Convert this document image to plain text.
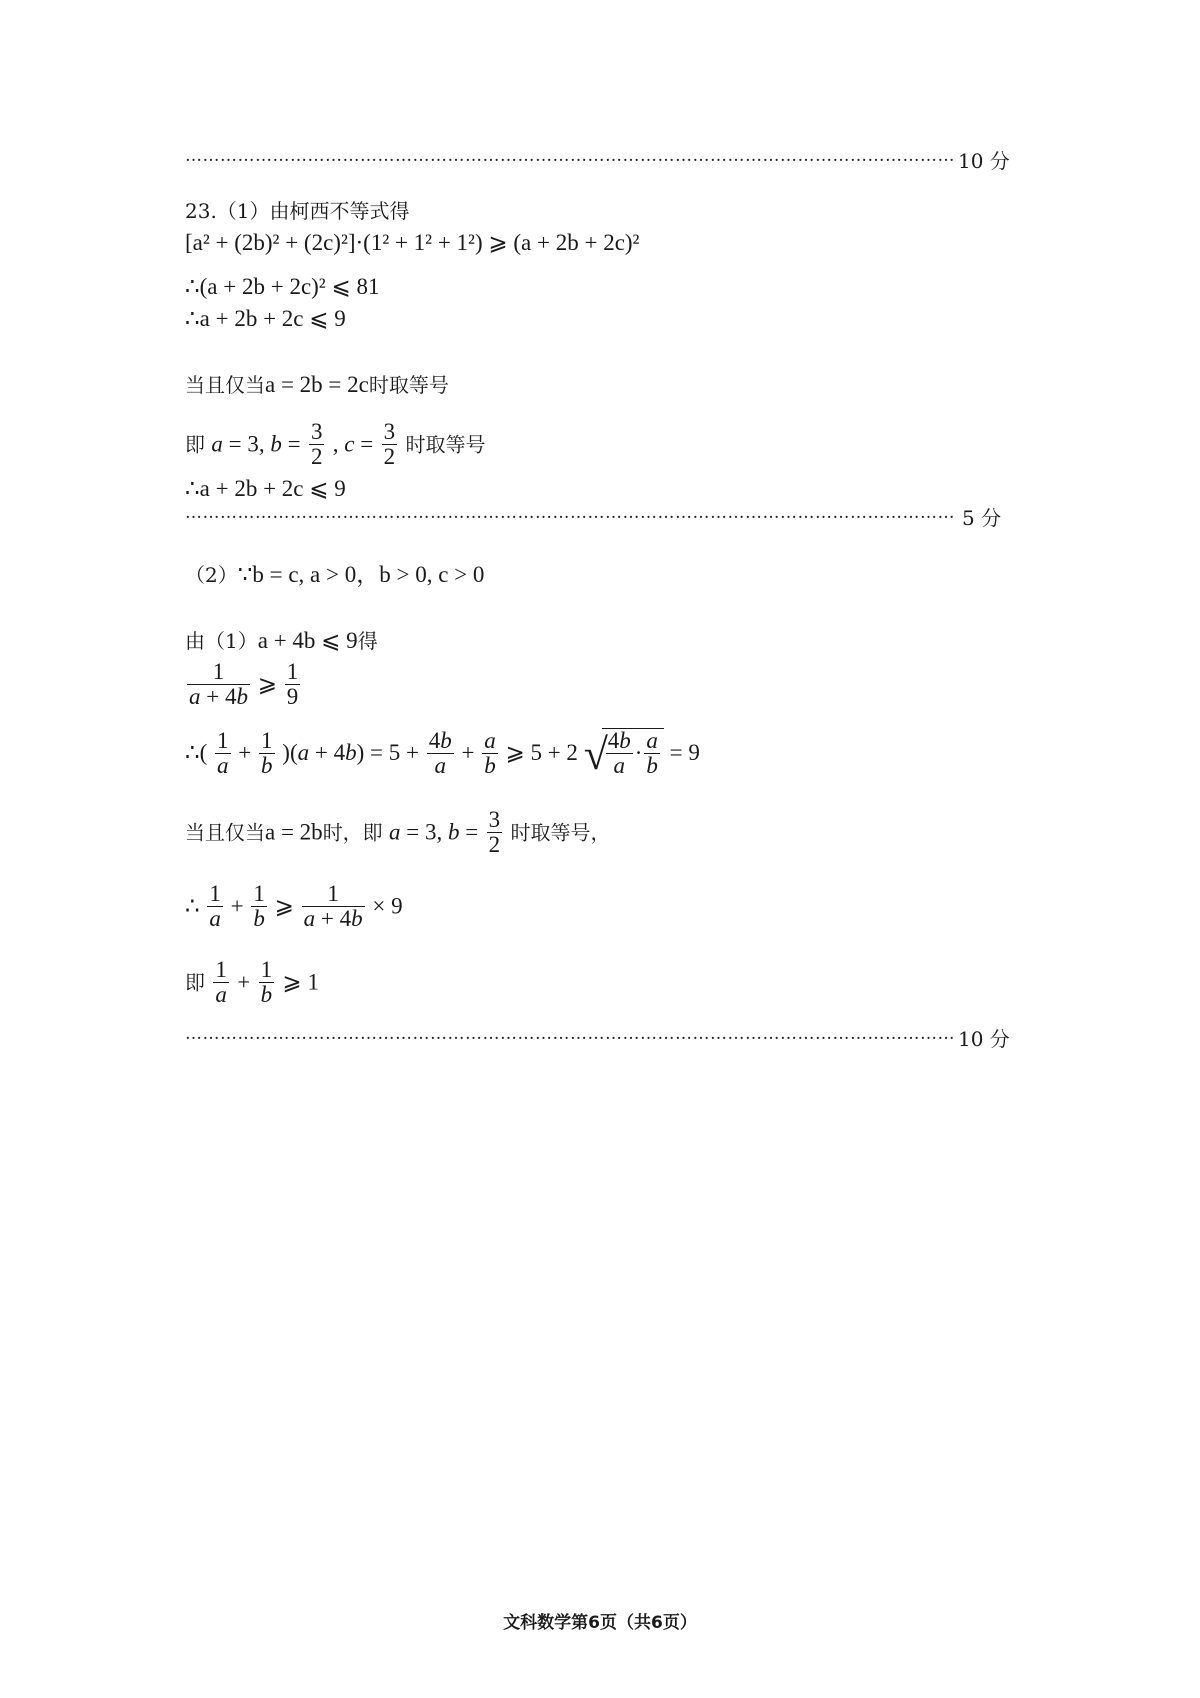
…………………………………………………………………………………………………………………… 10 分
23.（1）由柯西不等式得
[a² + (2b)² + (2c)²]·(1² + 1² + 1²) ⩾ (a + 2b + 2c)²
∴(a + 2b + 2c)² ⩽ 81
∴a + 2b + 2c ⩽ 9
当且仅当a = 2b = 2c时取等号
即 a = 3, $b = \frac{3}{2}$ , $c = \frac{3}{2}$ 时取等号
∴a + 2b + 2c ⩽ 9
…………………………………………………………………………………………………………………… 5 分
（2）∵b = c, a > 0，b > 0, c > 0
由（1）a + 4b ⩽ 9得
$\frac{1}{a + 4b}$ ⩾ $\frac{1}{9}$
∴( $\frac{1}{a} + \frac{1}{b} )(a + 4b) = 5 + \frac{4b}{a} + \frac{a}{b}$ ⩾ 5 + 2 √
$\frac{4b}{a} \cdot \frac{a}{b} = 9$
当且仅当a = 2b时，即 a = 3, $b = \frac{3}{2}$ 时取等号，
∴ $\frac{1}{a} + \frac{1}{b}$ ⩾ $\frac{1}{a + 4b} \times 9$
即 $\frac{1}{a} + \frac{1}{b}$ ⩾ 1
…………………………………………………………………………………………………………………… 10 分
文科数学第6页（共6页）
